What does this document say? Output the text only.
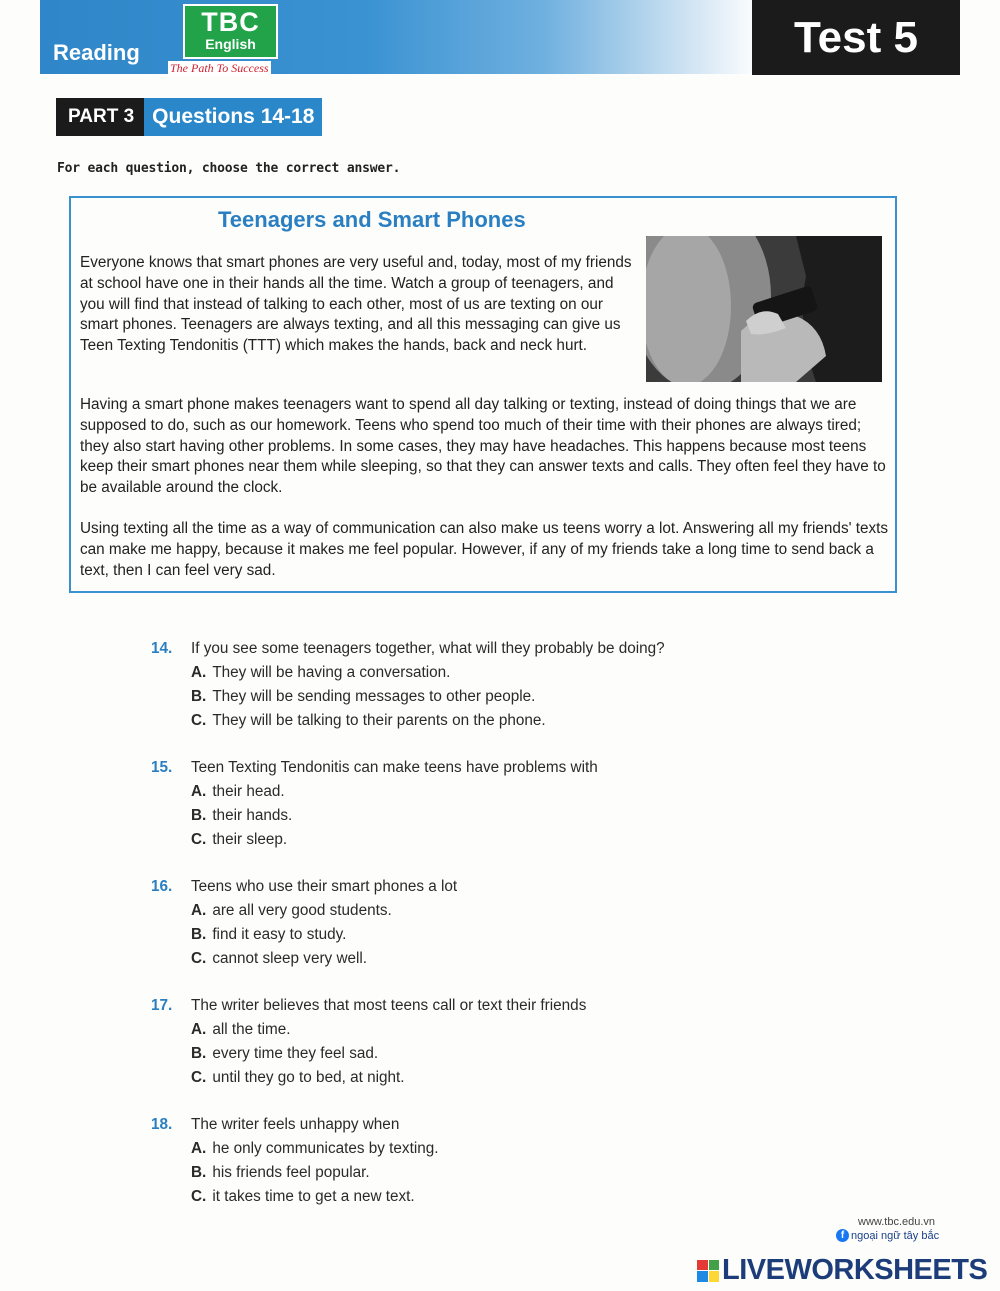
Reading
TBC
English
The Path To Success
Test 5
PART 3 Questions 14-18
For each question, choose the correct answer.
Teenagers and Smart Phones

Everyone knows that smart phones are very useful and, today, most of my friends at school have one in their hands all the time. Watch a group of teenagers, and you will find that instead of talking to each other, most of us are texting on our smart phones. Teenagers are always texting, and all this messaging can give us Teen Texting Tendonitis (TTT) which makes the hands, back and neck hurt.

Having a smart phone makes teenagers want to spend all day talking or texting, instead of doing things that we are supposed to do, such as our homework. Teens who spend too much of their time with their phones are always tired; they also start having other problems. In some cases, they may have headaches. This happens because most teens keep their smart phones near them while sleeping, so that they can answer texts and calls. They often feel they have to be available around the clock.

Using texting all the time as a way of communication can also make us teens worry a lot. Answering all my friends' texts can make me happy, because it makes me feel popular. However, if any of my friends take a long time to send back a text, then I can feel very sad.

14. If you see some teenagers together, what will they probably be doing?
A. They will be having a conversation.
B. They will be sending messages to other people.
C. They will be talking to their parents on the phone.
15. Teen Texting Tendonitis can make teens have problems with
A. their head.
B. their hands.
C. their sleep.
16. Teens who use their smart phones a lot
A. are all very good students.
B. find it easy to study.
C. cannot sleep very well.
17. The writer believes that most teens call or text their friends
A. all the time.
B. every time they feel sad.
C. until they go to bed, at night.
18. The writer feels unhappy when
A. he only communicates by texting.
B. his friends feel popular.
C. it takes time to get a new text.
www.tbc.edu.vn
f ngoại ngữ tây bắc
LIVEWORKSHEETS
